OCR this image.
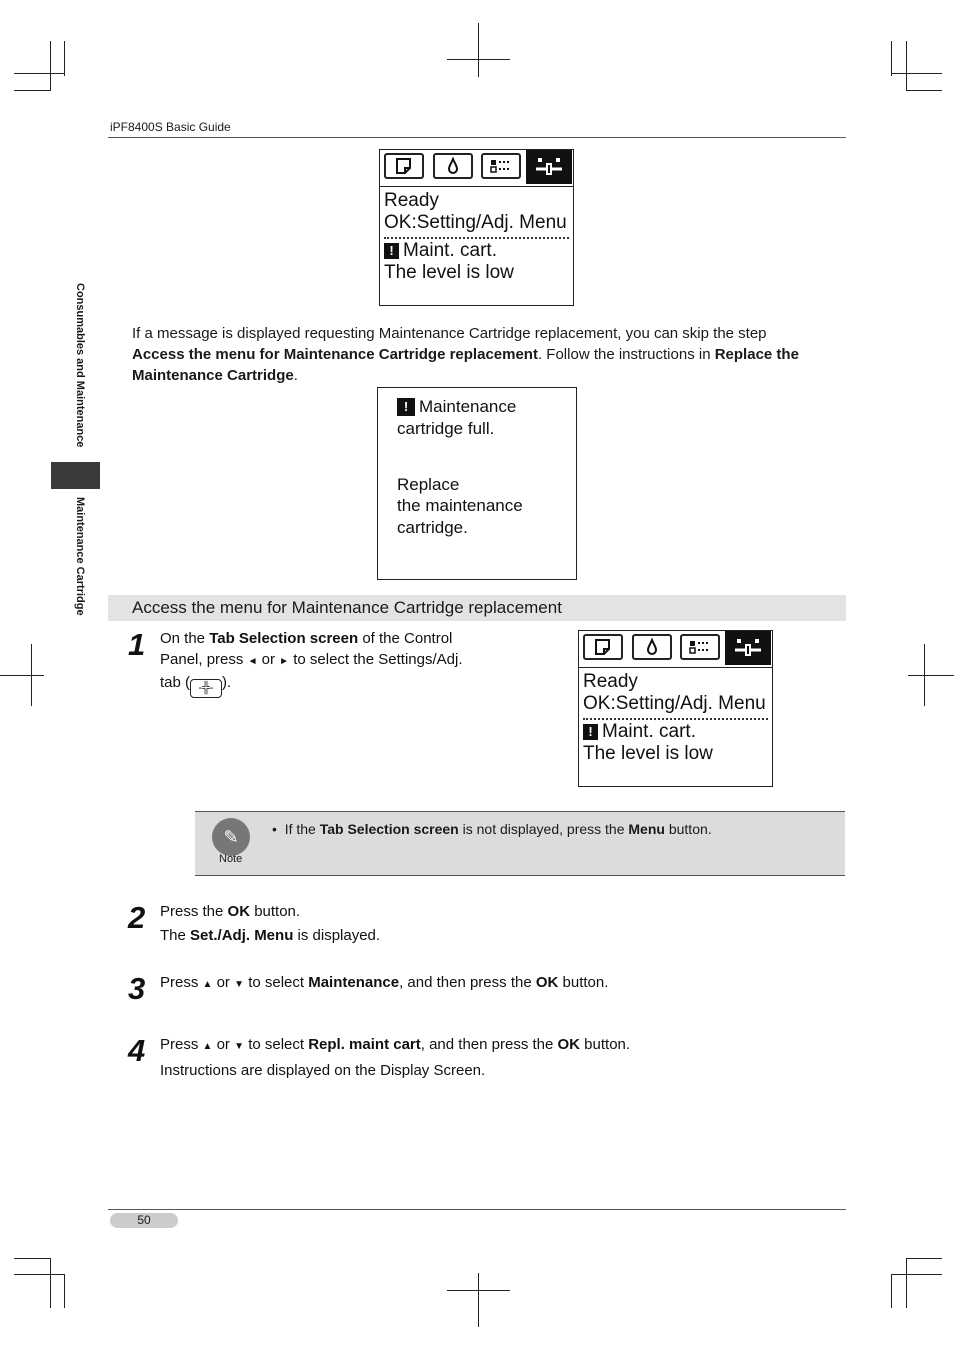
iPF8400S Basic Guide
Consumables and Maintenance
Maintenance Cartridge
Ready
OK:Setting/Adj. Menu
! Maint. cart.
The level is low
If a message is displayed requesting Maintenance Cartridge replacement, you can skip the step
Access the menu for Maintenance Cartridge replacement. Follow the instructions in Replace the
Maintenance Cartridge.
! Maintenance
cartridge full.
Replace
the maintenance
cartridge.
Access the menu for Maintenance Cartridge replacement
1 On the Tab Selection screen of the Control
Panel, press ◄ or ► to select the Settings/Adj.
tab ( -╬- ).	Ready
OK:Setting/Adj. Menu
! Maint. cart.
The level is low
✎
Note
• If the Tab Selection screen is not displayed, press the Menu button.
2 Press the OK button.
The Set./Adj. Menu is displayed.
3 Press ▲ or ▼ to select Maintenance, and then press the OK button.
4 Press ▲ or ▼ to select Repl. maint cart, and then press the OK button.
Instructions are displayed on the Display Screen.
50
